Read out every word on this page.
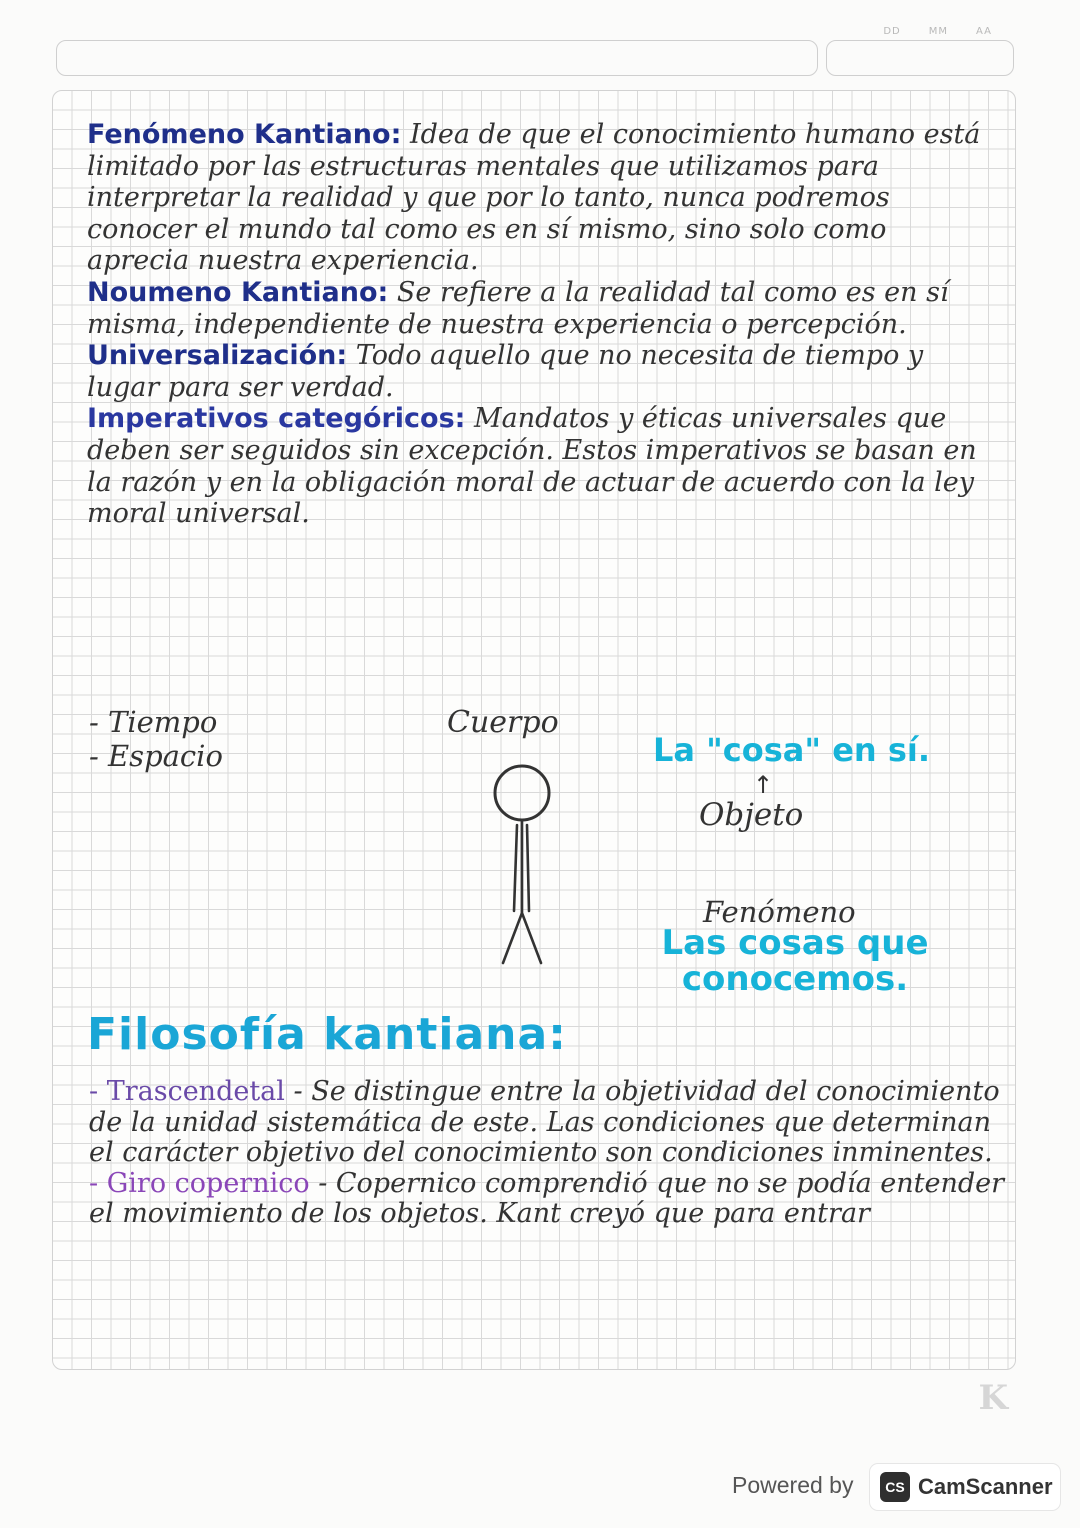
DD	MM	AA

Fenómeno Kantiano: Idea de que el conocimiento humano está limitado por las estructuras mentales que utilizamos para interpretar la realidad y que por lo tanto, nunca podremos conocer el mundo tal como es en sí mismo, sino solo como aprecia nuestra experiencia.

Noumeno Kantiano: Se refiere a la realidad tal como es en sí misma, independiente de nuestra experiencia o percepción.

Universalización: Todo aquello que no necesita de tiempo y lugar para ser verdad.

Imperativos categóricos: Mandatos y éticas universales que deben ser seguidos sin excepción. Estos imperativos se basan en la razón y en la obligación moral de actuar de acuerdo con la ley moral universal.

- Tiempo
- Espacio
Cuerpo
La "cosa" en sí.
↑
Objeto
Fenómeno
Las cosas que conocemos.
Filosofía kantiana:

- Trascendetal - Se distingue entre la objetividad del conocimiento de la unidad sistemática de este. Las condiciones que determinan el carácter objetivo del conocimiento son condiciones inminentes.

- Giro copernico - Copernico comprendió que no se podía entender el movimiento de los objetos. Kant creyó que para entrar

K
Powered by	CS CamScanner
